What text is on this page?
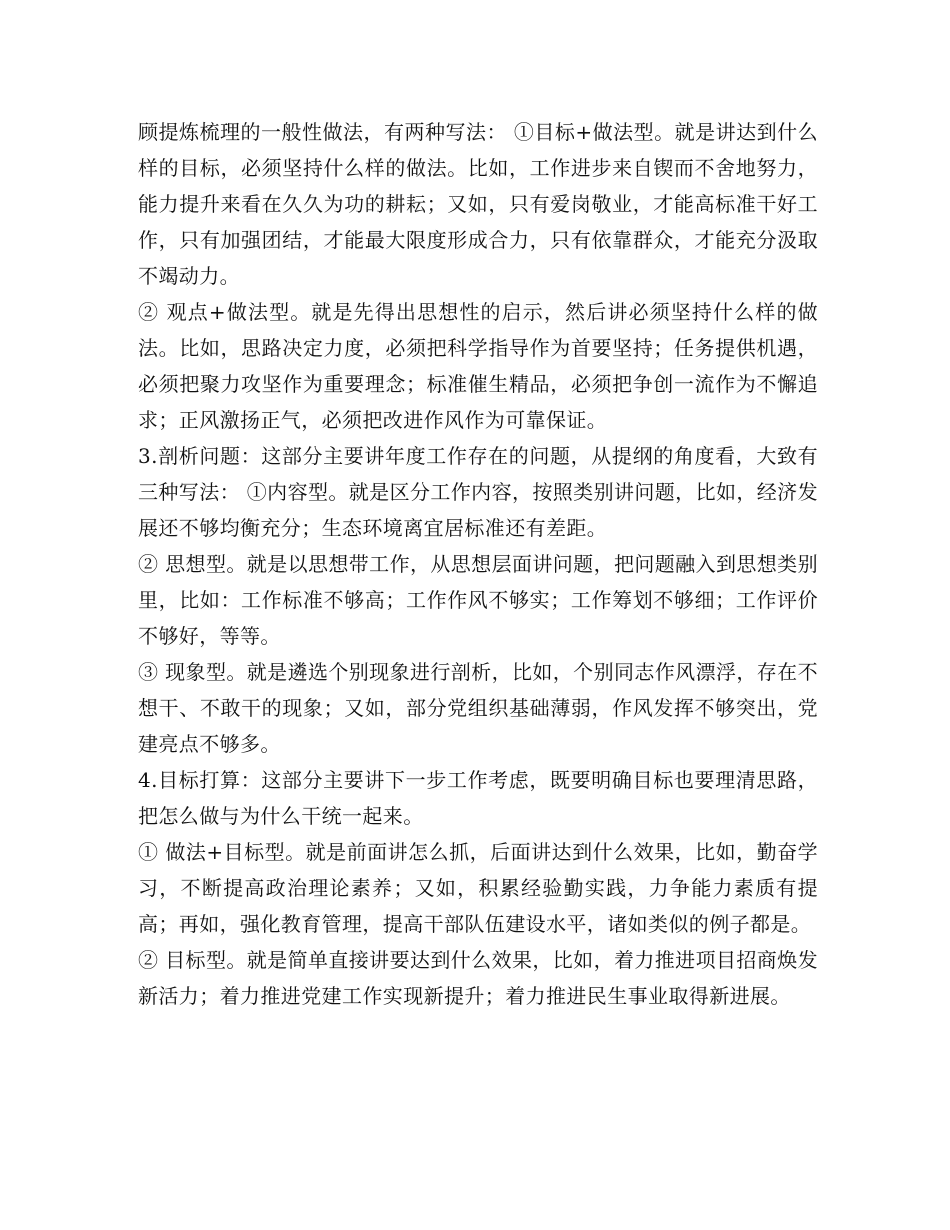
顾提炼梳理的一般性做法，有两种写法： ①目标+做法型。就是讲达到什么样的目标，必须坚持什么样的做法。比如，工作进步来自锲而不舍地努力，能力提升来看在久久为功的耕耘；又如，只有爱岗敬业，才能高标准干好工作，只有加强团结，才能最大限度形成合力，只有依靠群众，才能充分汲取不竭动力。

② 观点+做法型。就是先得出思想性的启示，然后讲必须坚持什么样的做法。比如，思路决定力度，必须把科学指导作为首要坚持；任务提供机遇，必须把聚力攻坚作为重要理念；标准催生精品，必须把争创一流作为不懈追求；正风激扬正气，必须把改进作风作为可靠保证。

3.剖析问题：这部分主要讲年度工作存在的问题，从提纲的角度看，大致有三种写法： ①内容型。就是区分工作内容，按照类别讲问题，比如，经济发展还不够均衡充分；生态环境离宜居标准还有差距。

② 思想型。就是以思想带工作，从思想层面讲问题，把问题融入到思想类别里，比如：工作标准不够高；工作作风不够实；工作筹划不够细；工作评价不够好，等等。

③ 现象型。就是遴选个别现象进行剖析，比如，个别同志作风漂浮，存在不想干、不敢干的现象；又如，部分党组织基础薄弱，作风发挥不够突出，党建亮点不够多。

4.目标打算：这部分主要讲下一步工作考虑，既要明确目标也要理清思路，把怎么做与为什么干统一起来。

① 做法+目标型。就是前面讲怎么抓，后面讲达到什么效果，比如，勤奋学习，不断提高政治理论素养；又如，积累经验勤实践，力争能力素质有提高；再如，强化教育管理，提高干部队伍建设水平，诸如类似的例子都是。

② 目标型。就是简单直接讲要达到什么效果，比如，着力推进项目招商焕发新活力；着力推进党建工作实现新提升；着力推进民生事业取得新进展。
